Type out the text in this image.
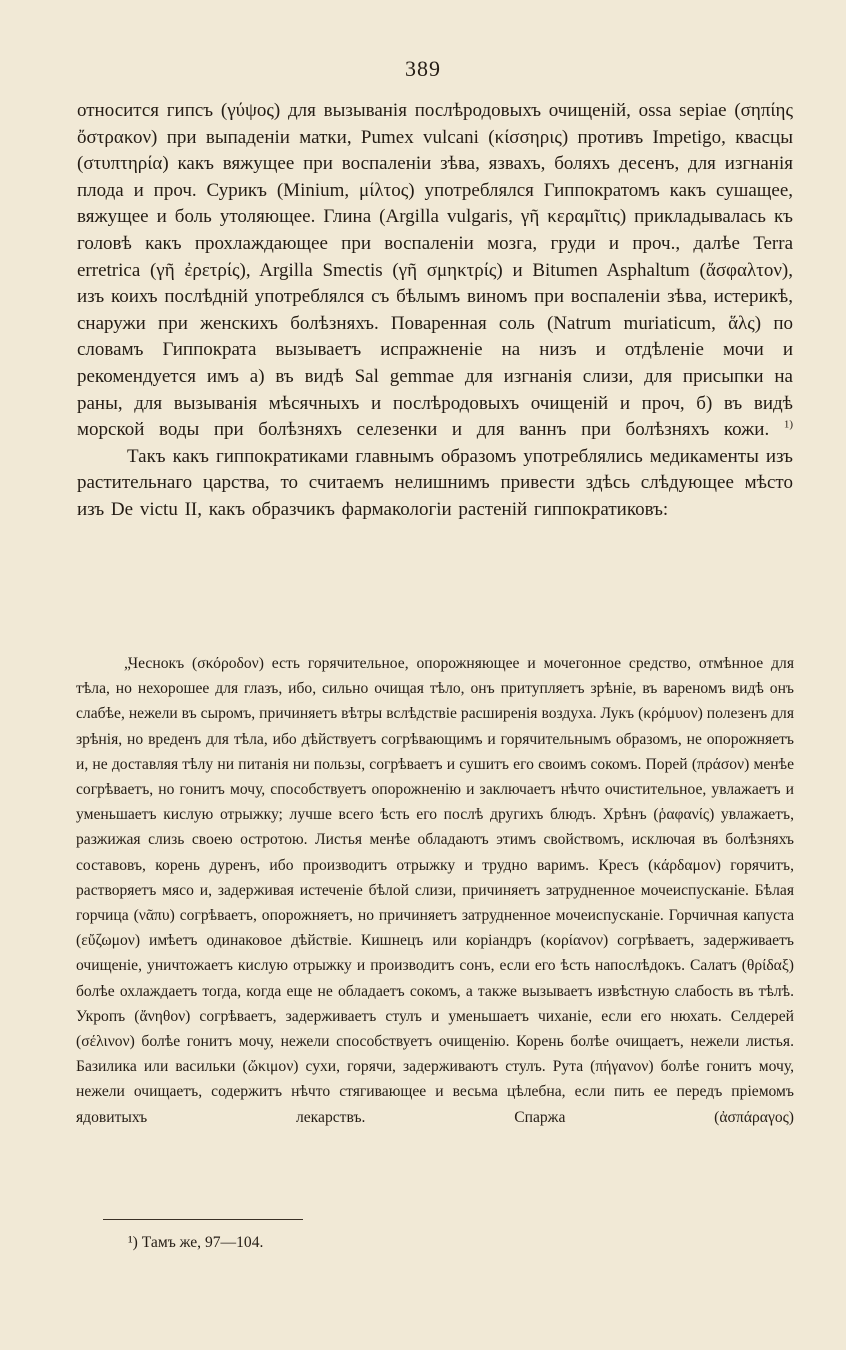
389

относится гипсъ (γύψος) для вызыванія послѣродовыхъ очищеній, ossa sepiae (σηπίης ὄστρακον) при выпаденіи матки, Pumex vulcani (κίσσηρις) противъ Impetigo, квасцы (στυπτηρία) какъ вяжущее при воспаленіи зѣва, язвахъ, боляхъ десенъ, для изгнанія плода и проч. Сурикъ (Minium, μίλτος) употреблялся Гиппократомъ какъ сушащее, вяжущее и боль утоляющее. Глина (Argilla vulgaris, γῆ κεραμῖτις) прикладывалась къ головѣ какъ прохлаждающее при воспаленіи мозга, груди и проч., далѣе Terra erretrica (γῆ ἐρετρίς), Argilla Smectis (γῆ σμηκτρίς) и Bitumen Asphaltum (ἄσφαλτον), изъ коихъ послѣдній употреблялся съ бѣлымъ виномъ при воспаленіи зѣва, истерикѣ, снаружи при женскихъ болѣзняхъ. Поваренная соль (Natrum muriaticum, ἅλς) по словамъ Гиппократа вызываетъ испражненіе на низъ и отдѣленіе мочи и рекомендуется имъ а) въ видѣ Sal gemmae для изгнанія слизи, для присыпки на раны, для вызыванія мѣсячныхъ и послѣродовыхъ очищеній и проч, б) въ видѣ морской воды при болѣзняхъ селезенки и для ваннъ при болѣзняхъ кожи. $^{1)}$

Такъ какъ гиппократиками главнымъ образомъ употреблялись медикаменты изъ растительнаго царства, то считаемъ нелишнимъ привести здѣсь слѣдующее мѣсто изъ De victu II, какъ образчикъ фармакологіи растеній гиппократиковъ:

„Чеснокъ (σκόροδον) есть горячительное, опорожняющее и мочегонное средство, отмѣнное для тѣла, но нехорошее для глазъ, ибо, сильно очищая тѣло, онъ притупляетъ зрѣніе, въ вареномъ видѣ онъ слабѣе, нежели въ сыромъ, причиняетъ вѣтры вслѣдствіе расширенія воздуха. Лукъ (κρόμυον) полезенъ для зрѣнія, но вреденъ для тѣла, ибо дѣйствуетъ согрѣвающимъ и горячительнымъ образомъ, не опорожняетъ и, не доставляя тѣлу ни питанія ни пользы, согрѣваетъ и сушитъ его своимъ сокомъ. Порей (πράσον) менѣе согрѣваетъ, но гонитъ мочу, способствуетъ опорожненію и заключаетъ нѣчто очистительное, увлажаетъ и уменьшаетъ кислую отрыжку; лучше всего ѣсть его послѣ другихъ блюдъ. Хрѣнъ (ῥαφανίς) увлажаетъ, разжижая слизь своею остротою. Листья менѣе обладаютъ этимъ свойствомъ, исключая въ болѣзняхъ составовъ, корень дуренъ, ибо производитъ отрыжку и трудно варимъ. Кресъ (κάρδαμον) горячитъ, растворяетъ мясо и, задерживая истеченіе бѣлой слизи, причиняетъ затрудненное мочеиспусканіе. Бѣлая горчица (νᾶπυ) согрѣваетъ, опорожняетъ, но причиняетъ затрудненное мочеиспусканіе. Горчичная капуста (εὔζωμον) имѣетъ одинаковое дѣйствіе. Кишнецъ или коріандръ (κορίανον) согрѣваетъ, задерживаетъ очищеніе, уничтожаетъ кислую отрыжку и производитъ сонъ, если его ѣсть напослѣдокъ. Салатъ (θρίδαξ) болѣе охлаждаетъ тогда, когда еще не обладаетъ сокомъ, а также вызываетъ извѣстную слабость въ тѣлѣ. Укропъ (ἄνηθον) согрѣваетъ, задерживаетъ стулъ и уменьшаетъ чиханіе, если его нюхать. Селдерей (σέλινον) болѣе гонитъ мочу, нежели способствуетъ очищенію. Корень болѣе очищаетъ, нежели листья. Базилика или васильки (ὤκιμον) сухи, горячи, задерживаютъ стулъ. Рута (πήγανον) болѣе гонитъ мочу, нежели очищаетъ, содержитъ нѣчто стягивающее и весьма цѣлебна, если пить ее передъ пріемомъ ядовитыхъ лекарствъ. Спаржа (ἀσπάραγος)

¹) Тамъ же, 97—104.
